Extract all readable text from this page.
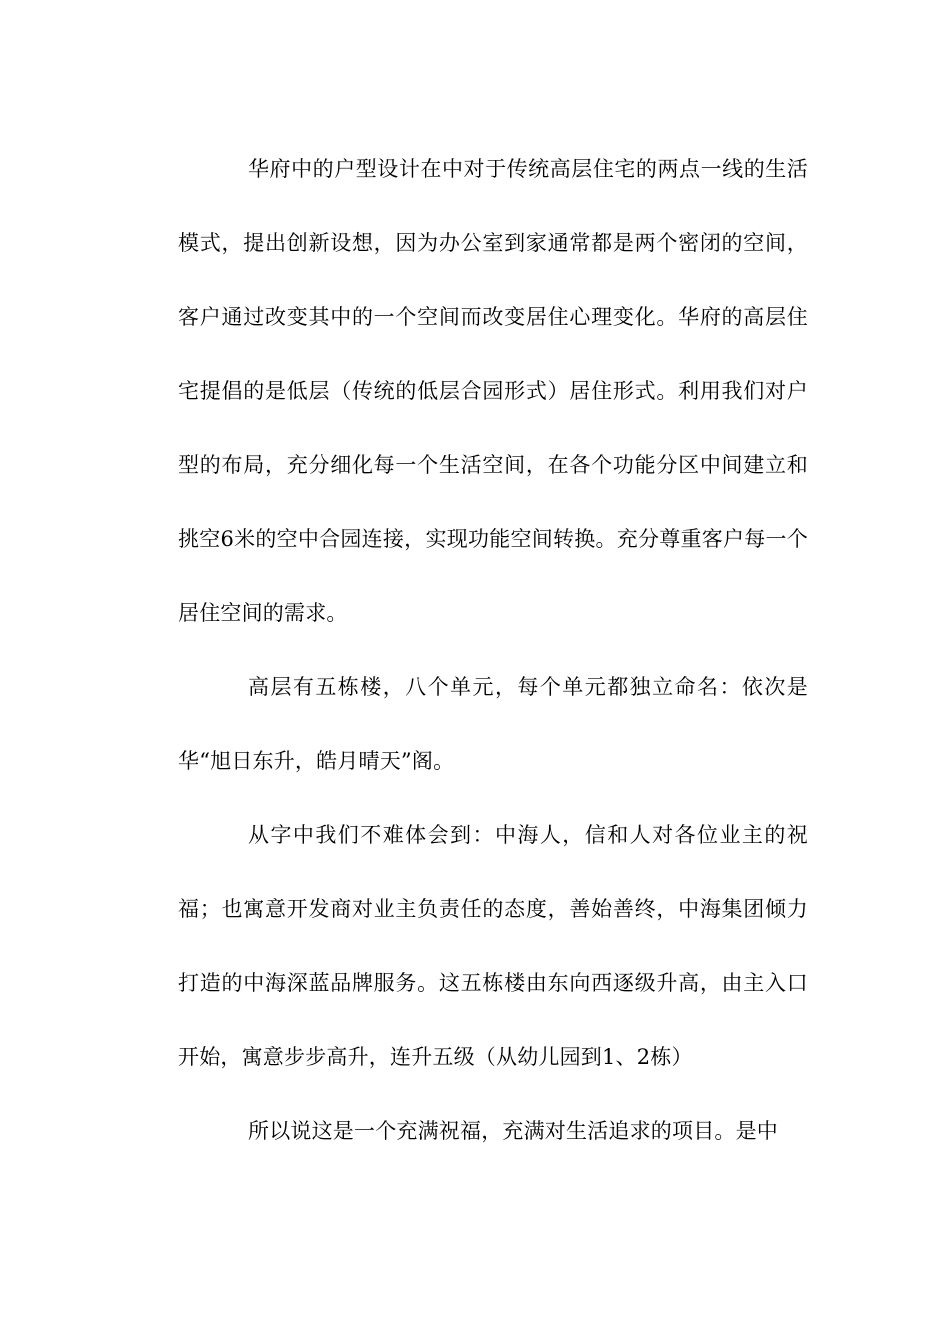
华府中的户型设计在中对于传统高层住宅的两点一线的生活模式，提出创新设想，因为办公室到家通常都是两个密闭的空间，客户通过改变其中的一个空间而改变居住心理变化。华府的高层住宅提倡的是低层（传统的低层合园形式）居住形式。利用我们对户型的布局，充分细化每一个生活空间，在各个功能分区中间建立和挑空6米的空中合园连接，实现功能空间转换。充分尊重客户每一个居住空间的需求。

高层有五栋楼，八个单元，每个单元都独立命名：依次是华“旭日东升，皓月晴天”阁。

从字中我们不难体会到：中海人，信和人对各位业主的祝福；也寓意开发商对业主负责任的态度，善始善终，中海集团倾力打造的中海深蓝品牌服务。这五栋楼由东向西逐级升高，由主入口开始，寓意步步高升，连升五级（从幼儿园到1、2栋）

所以说这是一个充满祝福，充满对生活追求的项目。是中
